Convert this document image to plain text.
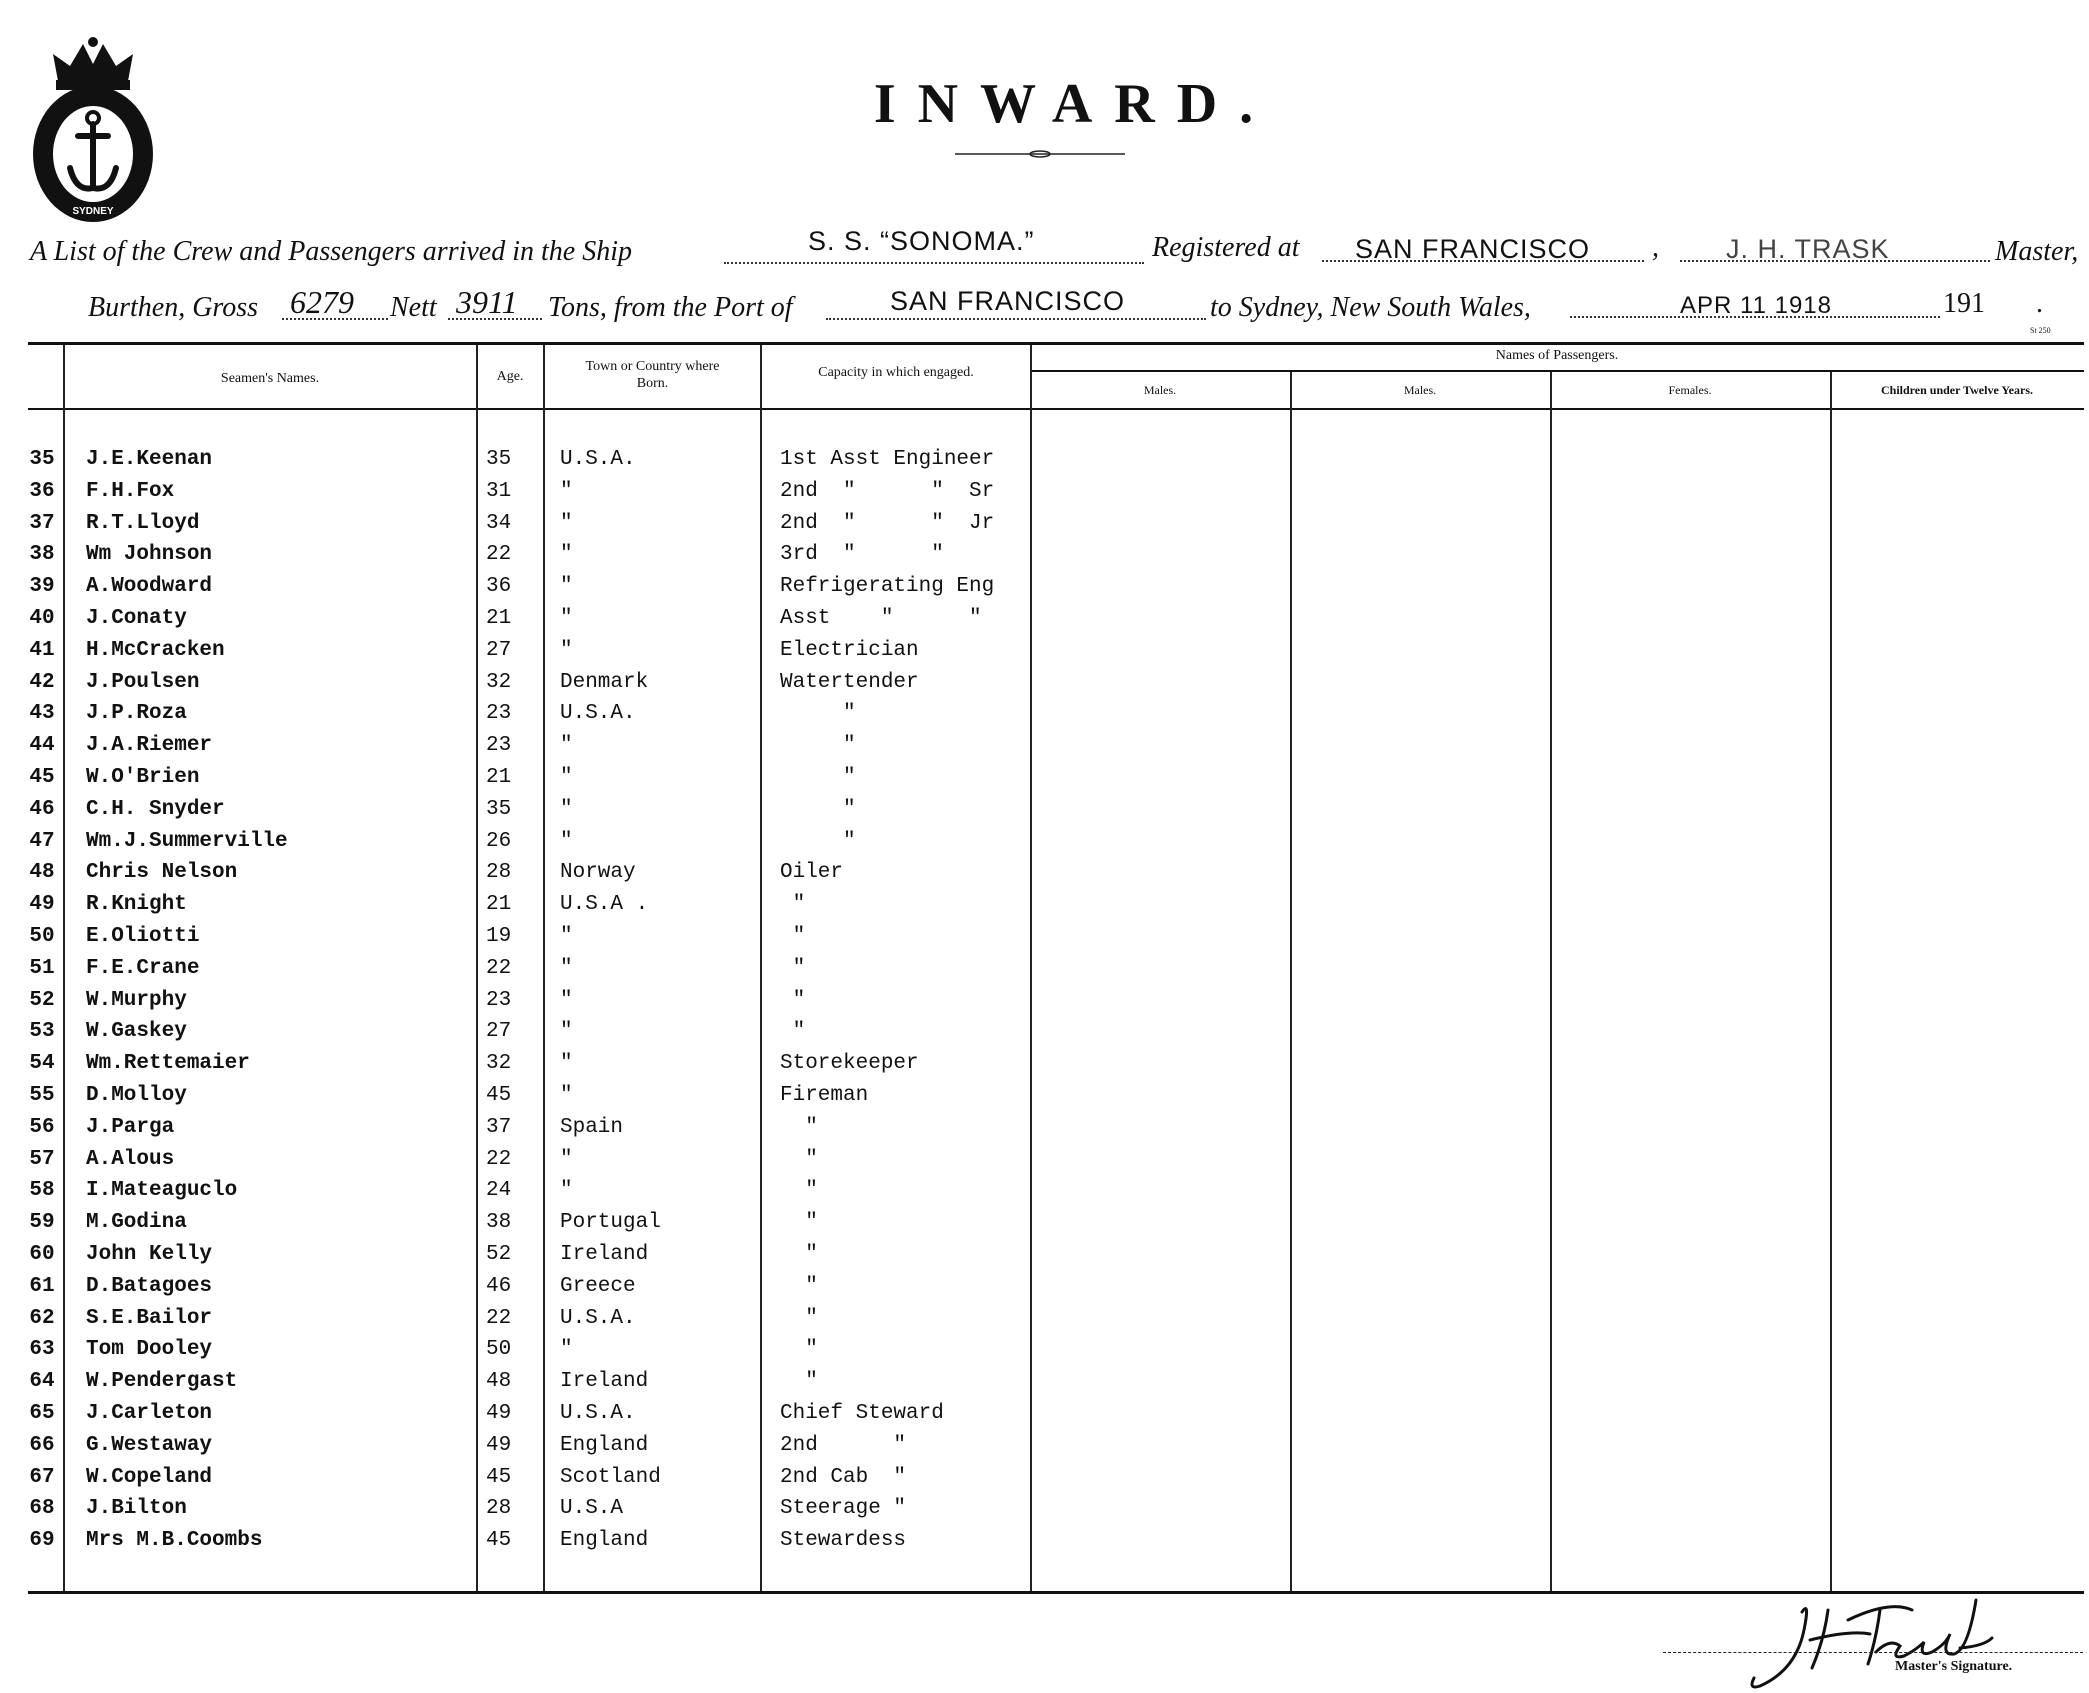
SYDNEY
INWARD.
A List of the Crew and Passengers arrived in the Ship	S. S. “SONOMA.”	Registered at SAN FRANCISCO , J. H. TRASK	Master,
Burthen, Gross 6279 Nett 3911 Tons, from the Port of	SAN FRANCISCO	to Sydney, New South Wales,	APR 11 1918	191 .
St 250
Seamen's Names.	Age.
Town or Country where Born.
Capacity in which engaged.
Names of Passengers.
Males.	Males.	Females.	Children under Twelve Years.
35	J.E.Keenan	35 U.S.A.	1st Asst Engineer
36	F.H.Fox	31 "	2nd  "      "  Sr
37	R.T.Lloyd	34 "	2nd  "      "  Jr
38	Wm Johnson	22 "	3rd  "      "
39	A.Woodward	36 "	Refrigerating Eng
40	J.Conaty	21 "	Asst    "      "
41	H.McCracken	27 "	Electrician
42	J.Poulsen	32 Denmark	Watertender
43	J.P.Roza	23 U.S.A.	"
44	J.A.Riemer	23 "	"
45	W.O'Brien	21 "	"
46	C.H. Snyder	35 "	"
47	Wm.J.Summerville	26 "	"
48	Chris Nelson	28 Norway	Oiler
49	R.Knight	21 U.S.A .	"
50	E.Oliotti	19 "	"
51	F.E.Crane	22 "	"
52	W.Murphy	23 "	"
53	W.Gaskey	27 "	"
54	Wm.Rettemaier	32 "	Storekeeper
55	D.Molloy	45 "	Fireman
56	J.Parga	37 Spain	"
57	A.Alous	22 "	"
58	I.Mateaguclo	24 "	"
59	M.Godina	38 Portugal	"
60	John Kelly	52 Ireland	"
61	D.Batagoes	46 Greece	"
62	S.E.Bailor	22 U.S.A.	"
63	Tom Dooley	50 "	"
64	W.Pendergast	48 Ireland	"
65	J.Carleton	49 U.S.A.	Chief Steward
66	G.Westaway	49 England	2nd      "
67	W.Copeland	45 Scotland	2nd Cab  "
68	J.Bilton	28 U.S.A	Steerage "
69	Mrs M.B.Coombs	45 England	Stewardess
Master's Signature.
